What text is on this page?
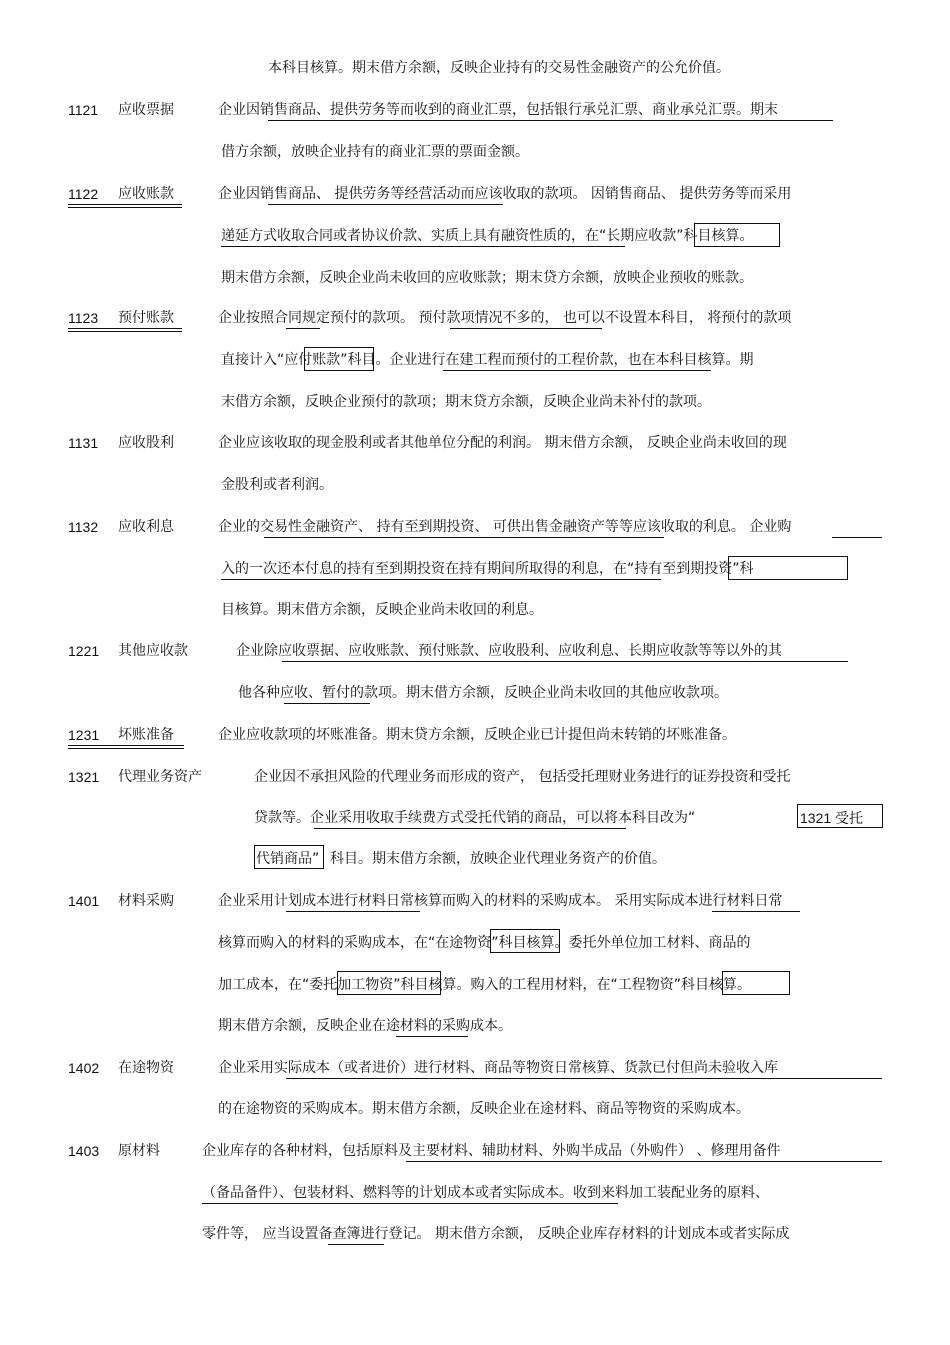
本科目核算。期末借方余额，反映企业持有的交易性金融资产的公允价值。
1121 应收票据	企业因销售商品、提供劳务等而收到的商业汇票，包括银行承兑汇票、商业承兑汇票。期末
借方余额，放映企业持有的商业汇票的票面金额。
1122 应收账款	企业因销售商品、 提供劳务等经营活动而应该收取的款项。 因销售商品、 提供劳务等而采用
递延方式收取合同或者协议价款、实质上具有融资性质的，在“长期应收款”科目核算。
期末借方余额，反映企业尚未收回的应收账款；期末贷方余额，放映企业预收的账款。
1123 预付账款	企业按照合同规定预付的款项。 预付款项情况不多的， 也可以不设置本科目， 将预付的款项
直接计入“应付账款”科目。企业进行在建工程而预付的工程价款，也在本科目核算。期
末借方余额，反映企业预付的款项；期末贷方余额，反映企业尚未补付的款项。
1131 应收股利	企业应该收取的现金股利或者其他单位分配的利润。 期末借方余额， 反映企业尚未收回的现
金股利或者利润。
1132 应收利息	企业的交易性金融资产、 持有至到期投资、 可供出售金融资产等等应该收取的利息。 企业购
入的一次还本付息的持有至到期投资在持有期间所取得的利息，在“持有至到期投资”科
目核算。期末借方余额，反映企业尚未收回的利息。
1221 其他应收款	企业除应收票据、应收账款、预付账款、应收股利、应收利息、长期应收款等等以外的其
他各种应收、暂付的款项。期末借方余额，反映企业尚未收回的其他应收款项。
1231 坏账准备	企业应收款项的坏账准备。期末贷方余额，反映企业已计提但尚未转销的坏账准备。
1321 代理业务资产	企业因不承担风险的代理业务而形成的资产， 包括受托理财业务进行的证券投资和受托
贷款等。企业采用收取手续费方式受托代销的商品，可以将本科目改为“	1321 受托
代销商品” 科目。期末借方余额，放映企业代理业务资产的价值。
1401 材料采购	企业采用计划成本进行材料日常核算而购入的材料的采购成本。 采用实际成本进行材料日常
核算而购入的材料的采购成本，在“在途物资”科目核算。委托外单位加工材料、商品的
加工成本，在“委托加工物资”科目核算。购入的工程用材料，在“工程物资”科目核算。
期末借方余额，反映企业在途材料的采购成本。
1402 在途物资	企业采用实际成本（或者进价）进行材料、商品等物资日常核算、货款已付但尚未验收入库
的在途物资的采购成本。期末借方余额，反映企业在途材料、商品等物资的采购成本。
1403 原材料	企业库存的各种材料，包括原料及主要材料、辅助材料、外购半成品（外购件） 、修理用备件
（备品备件）、包装材料、燃料等的计划成本或者实际成本。收到来料加工装配业务的原料、
零件等， 应当设置备查簿进行登记。 期末借方余额， 反映企业库存材料的计划成本或者实际成
